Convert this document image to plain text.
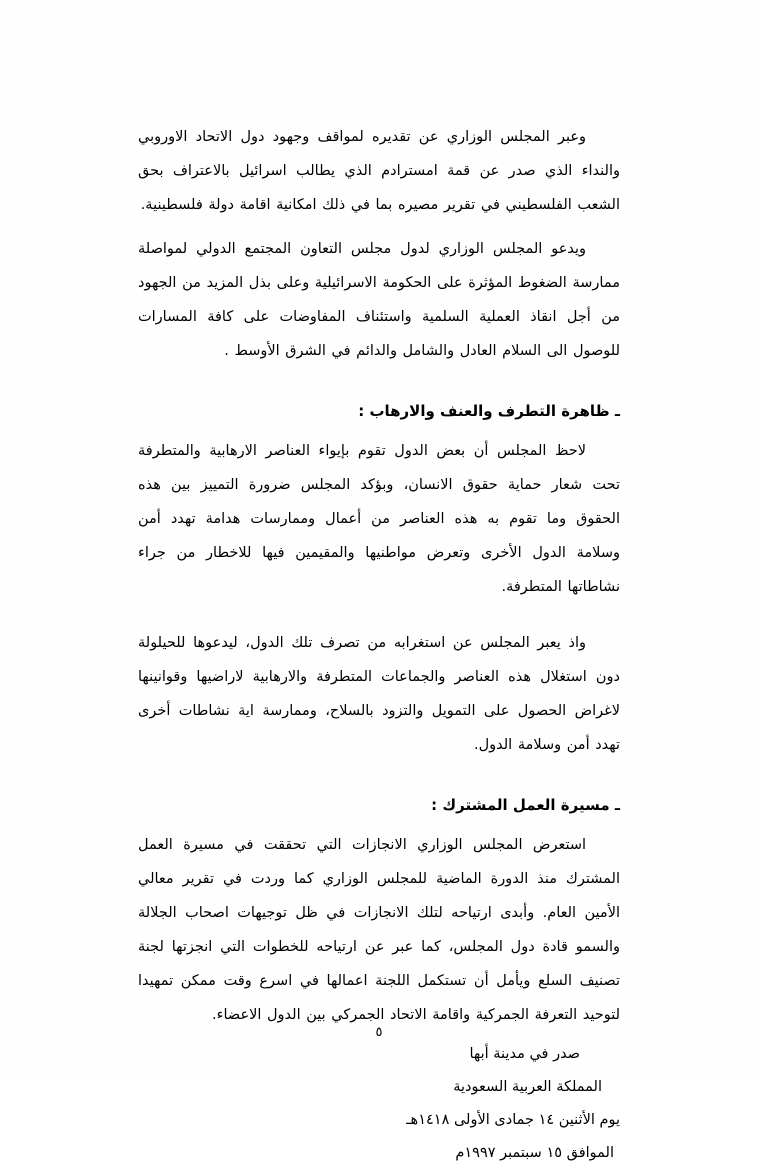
وعبر المجلس الوزاري عن تقديره لمواقف وجهود دول الاتحاد الاوروبي والنداء الذي صدر عن قمة امسترادم الذي يطالب اسرائيل بالاعتراف بحق الشعب الفلسطيني في تقرير مصيره بما في ذلك امكانية اقامة دولة فلسطينية.

ويدعو المجلس الوزاري لدول مجلس التعاون المجتمع الدولي لمواصلة ممارسة الضغوط المؤثرة على الحكومة الاسرائيلية وعلى بذل المزيد من الجهود من أجل انقاذ العملية السلمية واستئناف المفاوضات على كافة المسارات للوصول الى السلام العادل والشامل والدائم في الشرق الأوسط .

ـ ظاهرة التطرف والعنف والارهاب :

لاحظ المجلس أن بعض الدول تقوم بإيواء العناصر الارهابية والمتطرفة تحت شعار حماية حقوق الانسان، وبؤكد المجلس ضرورة التمييز بين هذه الحقوق وما تقوم به هذه العناصر من أعمال وممارسات هدامة تهدد أمن وسلامة الدول الأخرى وتعرض مواطنيها والمقيمين فيها للاخطار من جراء نشاطاتها المتطرفة.

واذ يعبر المجلس عن استغرابه من تصرف تلك الدول، ليدعوها للحيلولة دون استغلال هذه العناصر والجماعات المتطرفة والارهابية لاراضيها وقوانينها لاغراض الحصول على التمويل والتزود بالسلاح، وممارسة اية نشاطات أخرى تهدد أمن وسلامة الدول.

ـ مسيرة العمل المشترك :

استعرض المجلس الوزاري الانجازات التي تحققت في مسيرة العمل المشترك منذ الدورة الماضية للمجلس الوزاري كما وردت في تقرير معالي الأمين العام. وأبدى ارتياحه لتلك الانجازات في ظل توجيهات اصحاب الجلالة والسمو قادة دول المجلس، كما عبر عن ارتياحه للخطوات التي انجزتها لجنة تصنيف السلع ويأمل أن تستكمل اللجنة اعمالها في اسرع وقت ممكن تمهيدا لتوحيد التعرفة الجمركية واقامة الاتحاد الجمركي بين الدول الاعضاء.

صدر في مدينة أبها
المملكة العربية السعودية
يوم الأثنين ١٤ جمادى الأولى ١٤١٨هـ
الموافق ١٥ سبتمبر ١٩٩٧م
٥
